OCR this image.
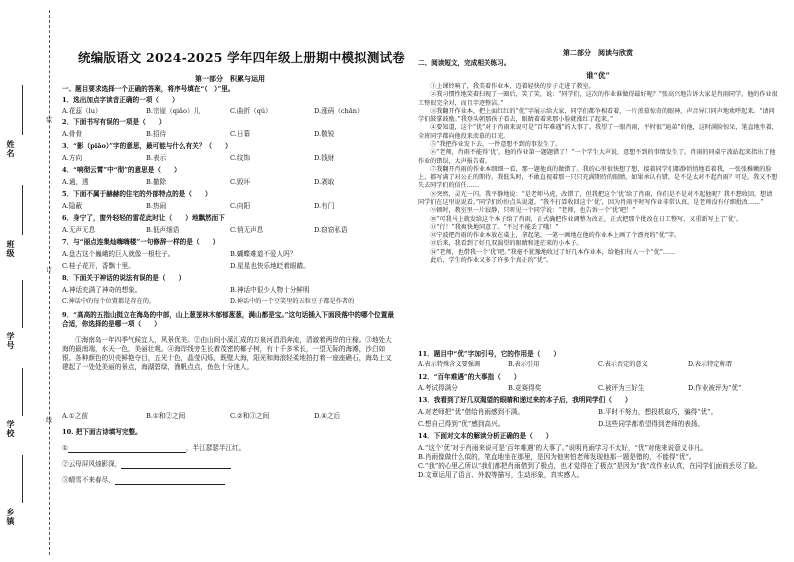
姓名
班级
学号
学校
乡镇
装
订
线
统编版语文 2024-2025 学年四年级上册期中模拟测试卷
第一部分　积累与运用
一、题目要求选择一个正确的答案，将序号填在“（　）”里。
1．选出加点字读音正确的一项（　　）
A.花蕊（lu）	B.宗崖（qiǎo）儿	C.曲折（qǔ）	D.涨码（chǎn）
2．下面书写有误的一项是（　　）
A.骨骨	B.招待	C.日幕	D.敬锐
3．“影（piāo）”字的意思，最可能与什么有关？（　　）
A.方向	B.表示	C.纹饰	D.钱财
4．“响彻云霄”中“彻”的意思是（　　）
A.通，透	B.撤除	C.毁坏	D.剥取
5．下面不属于赫赫的住宅的外部特点的是（　　）
A.隐蔽	B.热闹	C.向阳	D.有门
6．身宁了，窗外轻轻的雷花此时让（　　）地飘然而下
A.无声无息	B.低声细语	C.悄无声息	D.窃窃私语
7．与“丽点连集灿嗨嗨楼”一句修辞一样的是（　　）
A.盘古这个巍峨的巨人就像一根柱子。	B.蝴蝶难道不爱人吗？
C.桂子花开，香飘十里。	D.星星也快乐地眨着眼睛。
8．下面关于神话的说法有误的是（　　）
A.神话充满了神奇的想象。	B.神话中很少人物十分鲜明
C.神话中的每个位置都是存在的。	D.神话中的一个豆笑里的五粒豆子都是作者的
9．“高高的五指山挺立在海岛的中部，山上葱茏林木郁郁葱葱，满山都是宝。”这句话插入下面段落中的哪个位置最合适，你选择的是哪一项（　　）
①海南岛一年四季气候宜人，风景优美。②由山间小溪汇成的万泉河涓涓奔流，清澈着两岸的庄稼。③地处大海的最南端，水天一色，美丽壮观。④海岸线旁生长着茂密的椰子树，有十千多米长，一望无际的海滩，沙白如银。各种颜色的贝壳鲜艳夺目，五光十色，晶莹闪烁，既壁大海，阳光和海浪轻柔地拍打着一座座礁石，海岛上又建起了一处处美丽的景点，海湖碧绿，渔帆点点，鱼色十分迷人。
A.①之前	B.①和②之间	C.②和③之间	D.④之后
10. 把下面古诗填写完整。
①	，半江瑟瑟半江红。
②云母屏风烛影深，
③晴雪不来春尽，
第二部分　阅读与欣赏
二、阅读短文，完成相关练习。
谁“优”

①上课铃响了，我美着作业本，迈着轻快的步子走进了教室。

②我习惯性地笑着扫视了一圈后，笑了笑，说：“同学们，这次的作业谁做得最好呢？”张高兴地告诉大家是肖雨同学，他的作业很工整很完全对，而且字迹整洁。”

③我翻开作业本，把上面红红的“优”字展示给大家，同学们都争相看着，一片羡慕惊奇的眼神，声音异口同声地欢呼起来。“请问学们鼓掌鼓励。”我登头朝那孩子看去，眼睛着着来那小脸就涨红了起来。”

④要知道，这个“优”对于肖雨来说可是“百年难遇”的大事了。我望了一眼肖雨，平时很“迪弟”的他，这时满脸惊呆，笔直地坐着，全班同学都向他投来羡慕的目光。

⑤“我把作业发下去，一件意想不到的事发生了。

⑥“老师，肖雨不能得‘优’，他的作业第一题题错了！”一个学生大声说，意想不到的事情发生了。肖雨的同桌宁波站起来指出了他作业的错误，大声报告着。

⑦我翻开肖雨的作业本细细一看，那一题他真的做错了。我的心里很快想了想，接着同学们都静悄悄地看着我，一张张稚嫩的脸上，都写满了对公正的期待。我低头时，不敢直视着那一只只充满期待的眼睛，如果承认有错，是不是太对不起肖雨？可是，我又不想失去同学们的信任……

⑧突然，灵光一闪。我平静地说：“是老师马虎，改错了，但我把这个‘优’给了肖雨，你们是不是对不起他呢？我不想收回，想请同学们在这里说说看。”同学们纷纷点头说道。“我不打算收回这个‘优’，因为肖雨平时写作业非常认真。是老师没有仔细批改……”

⑨顿时，教室里一片寂静，只听见一个同学说：“老师，也告诉一个‘优’吧！”

⑩“可我马上就发给这个本子给了肖雨，正式确把作业调整为改正，正式把那个批改在日工整写，又重新写上了‘优’。

⑪“行！”我爽快地同意了。“不过不能丢了哦！”

⑫宁波把肖雨的作业本放在桌上，拿起笔，一笔一画地在他的作业本上画了个漂亮的“优”字。

⑬后来，我看到了好几双渴望的眼睛和迷茫来的小本子。

⑭“老师，也借我一个‘优’吧。”我毫不犹豫地收过了好几本作业本，给他们每人一个“优”……

此后，学生的作业又多了许多个真正的“优”。

11．题目中“优”字加引号，它的作用是（　　）
A.表示特殊含义要强调	B.表示引用	C.表示否定的意义	D.表示特定称谓
12．“百年难遇”的大事指（　　）
A.考试得满分	B.竞赛得奖	C.被评为三好生	D.作业被评为“优”
13．我看到了好几双渴望的眼睛和递过来的本子后，我明同学们（　　）
A.对老师把“优”借给肖雨感到不满。	B.平时不努力，想投机取巧，骗得“优”。
C.想自己得到“优”感到高兴。	D.这些同学都希望得到老师的表扬。
14．下面对文本的解读分析正确的是（　　）

A.“这个‘优’对于肖雨来说可是‘百年难遇’的大事了。”说明肖雨学习不太好，“优”对他来说意义非凡。

B.肖雨像做什么似的，笔直地坐在那里，是因为他害怕老师发现他那一题是错的，不能得“优”。

C.“我”的心里乙所以“我们都把肖雨借到了极点，也才觉得在了极点”是因为“我”改作业认真，在同学们面前丢尽了脸。

D.文章运用了语言、外貌等描写，生动形象，真实感人。
